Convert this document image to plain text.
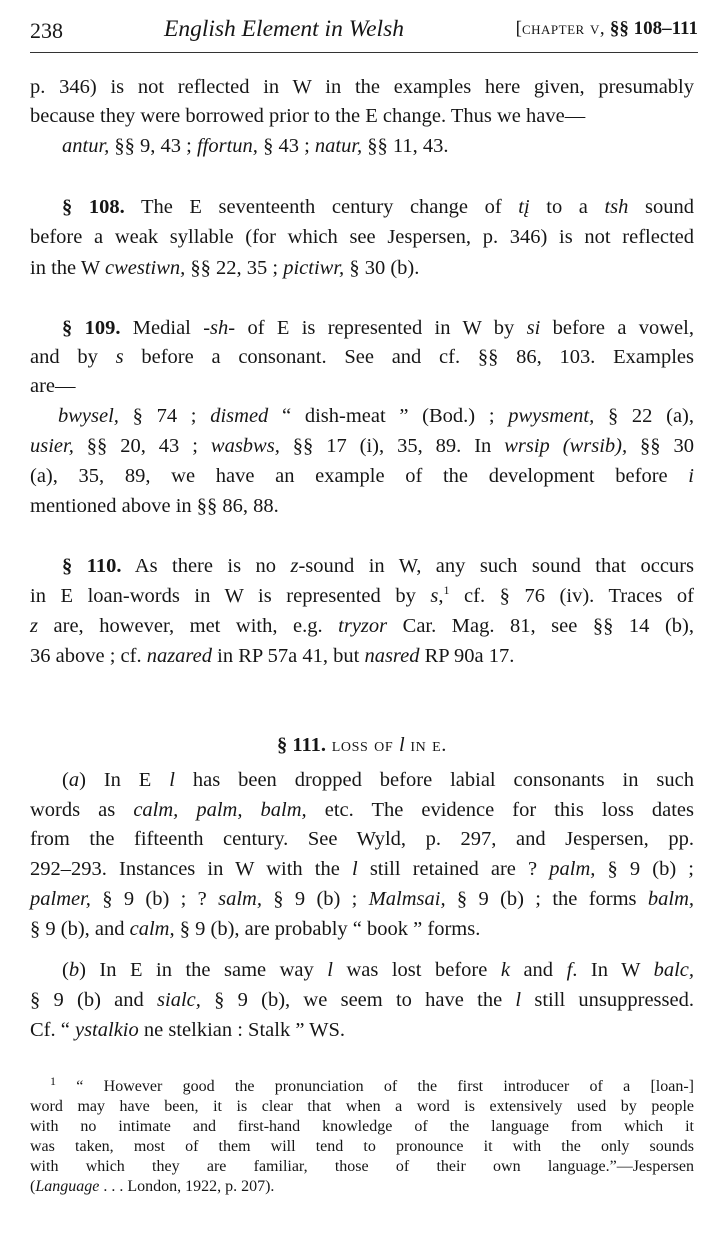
238	English Element in Welsh	[chapter v, §§ 108–111
p. 346) is not reflected in W in the examples here given, presumably
because they were borrowed prior to the E change. Thus we have—
antur, §§ 9, 43 ; ffortun, § 43 ; natur, §§ 11, 43.
§ 108. The E seventeenth century change of tį to a tsh sound
before a weak syllable (for which see Jespersen, p. 346) is not reflected
in the W cwestiwn, §§ 22, 35 ; pictiwr, § 30 (b).
§ 109. Medial -sh- of E is represented in W by si before a vowel,
and by s before a consonant. See and cf. §§ 86, 103. Examples
are—
bwysel, § 74 ; dismed “ dish-meat ” (Bod.) ; pwysment, § 22 (a),
usier, §§ 20, 43 ; wasbws, §§ 17 (i), 35, 89. In wrsip (wrsib), §§ 30
(a), 35, 89, we have an example of the development before i
mentioned above in §§ 86, 88.
§ 110. As there is no z-sound in W, any such sound that occurs
in E loan-words in W is represented by s,$^1$ cf. § 76 (iv). Traces of
z are, however, met with, e.g. tryzor Car. Mag. 81, see §§ 14 (b),
36 above ; cf. nazared in RP 57a 41, but nasred RP 90a 17.
§ 111. loss of l in e.
(a) In E l has been dropped before labial consonants in such
words as calm, palm, balm, etc. The evidence for this loss dates
from the fifteenth century. See Wyld, p. 297, and Jespersen, pp.
292–293. Instances in W with the l still retained are ? palm, § 9 (b) ;
palmer, § 9 (b) ; ? salm, § 9 (b) ; Malmsai, § 9 (b) ; the forms balm,
§ 9 (b), and calm, § 9 (b), are probably “ book ” forms.
(b) In E in the same way l was lost before k and f. In W balc,
§ 9 (b) and sialc, § 9 (b), we seem to have the l still unsuppressed.
Cf. “ ystalkio ne stelkian : Stalk ” WS.
$^1$ “ However good the pronunciation of the first introducer of a [loan-]
word may have been, it is clear that when a word is extensively used by people
with no intimate and first-hand knowledge of the language from which it
was taken, most of them will tend to pronounce it with the only sounds
with which they are familiar, those of their own language.”—Jespersen
(Language . . . London, 1922, p. 207).
